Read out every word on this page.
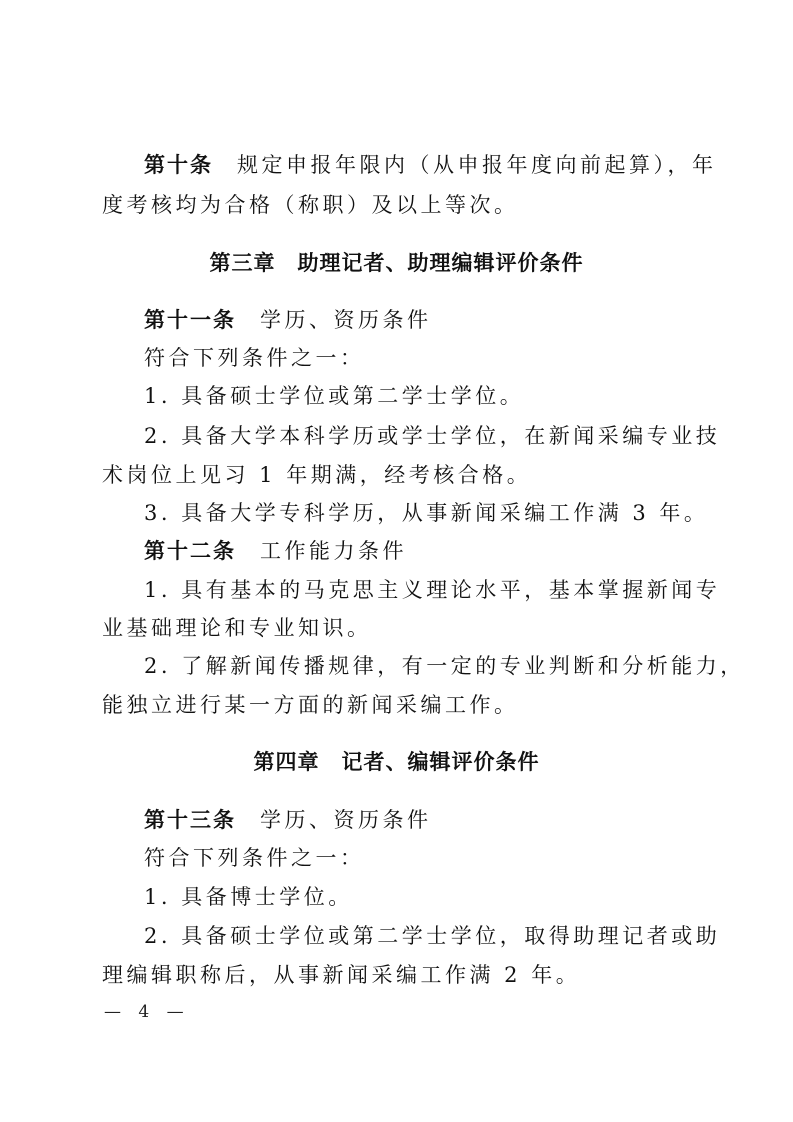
第十条 规定申报年限内（从申报年度向前起算），年
度考核均为合格（称职）及以上等次。
第三章 助理记者、助理编辑评价条件
第十一条 学历、资历条件
符合下列条件之一：
1. 具备硕士学位或第二学士学位。
2. 具备大学本科学历或学士学位，在新闻采编专业技
术岗位上见习 1 年期满，经考核合格。
3. 具备大学专科学历，从事新闻采编工作满 3 年。
第十二条 工作能力条件
1. 具有基本的马克思主义理论水平，基本掌握新闻专
业基础理论和专业知识。
2. 了解新闻传播规律，有一定的专业判断和分析能力，
能独立进行某一方面的新闻采编工作。
第四章 记者、编辑评价条件
第十三条 学历、资历条件
符合下列条件之一：
1. 具备博士学位。
2. 具备硕士学位或第二学士学位，取得助理记者或助
理编辑职称后，从事新闻采编工作满 2 年。
— 4 —
